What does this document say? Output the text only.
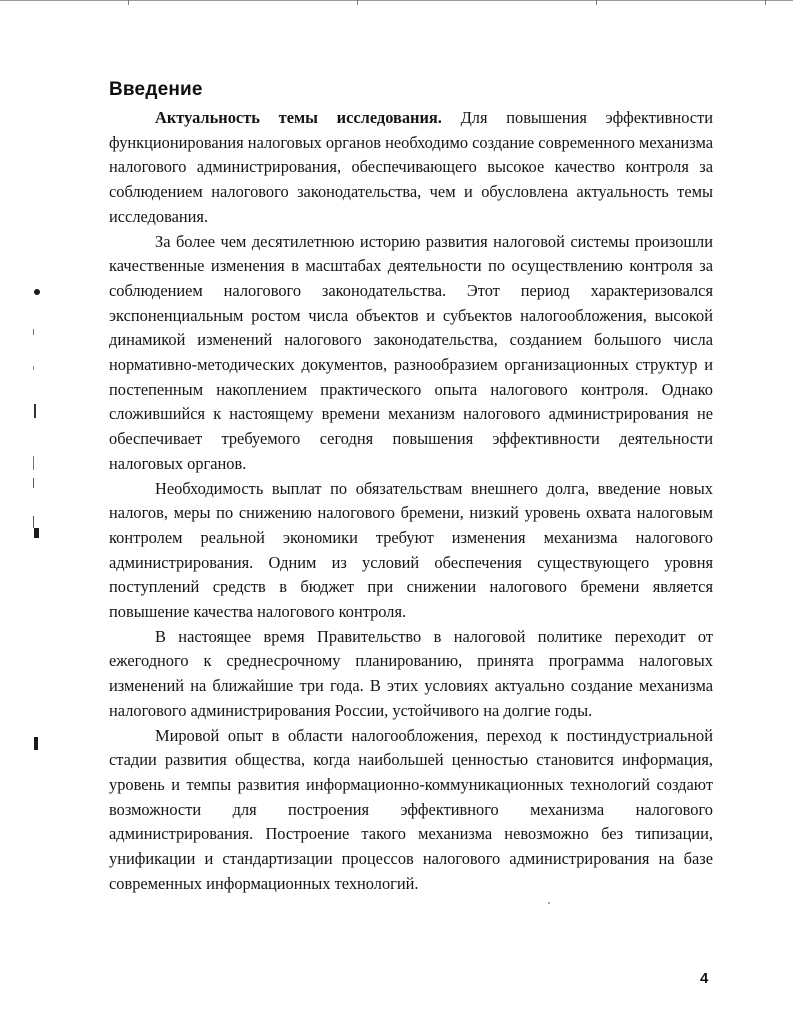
Введение

Актуальность темы исследования. Для повышения эффективности функционирования налоговых органов необходимо создание современного механизма налогового администрирования, обеспечивающего высокое качество контроля за соблюдением налогового законодательства, чем и обусловлена актуальность темы исследования.

За более чем десятилетнюю историю развития налоговой системы произошли качественные изменения в масштабах деятельности по осуществлению контроля за соблюдением налогового законодательства. Этот период характеризовался экспоненциальным ростом числа объектов и субъектов налогообложения, высокой динамикой изменений налогового законодательства, созданием большого числа нормативно-методических документов, разнообразием организационных структур и постепенным накоплением практического опыта налогового контроля. Однако сложившийся к настоящему времени механизм налогового администрирования не обеспечивает требуемого сегодня повышения эффективности деятельности налоговых органов.

Необходимость выплат по обязательствам внешнего долга, введение новых налогов, меры по снижению налогового бремени, низкий уровень охвата налоговым контролем реальной экономики требуют изменения механизма налогового администрирования. Одним из условий обеспечения существующего уровня поступлений средств в бюджет при снижении налогового бремени является повышение качества налогового контроля.

В настоящее время Правительство в налоговой политике переходит от ежегодного к среднесрочному планированию, принята программа налоговых изменений на ближайшие три года. В этих условиях актуально создание механизма налогового администрирования России, устойчивого на долгие годы.

Мировой опыт в области налогообложения, переход к постиндустриальной стадии развития общества, когда наибольшей ценностью становится информация, уровень и темпы развития информационно-коммуникационных технологий создают возможности для построения эффективного механизма налогового администрирования. Построение такого механизма невозможно без типизации, унификации и стандартизации процессов налогового администрирования на базе современных информационных технологий.

4
